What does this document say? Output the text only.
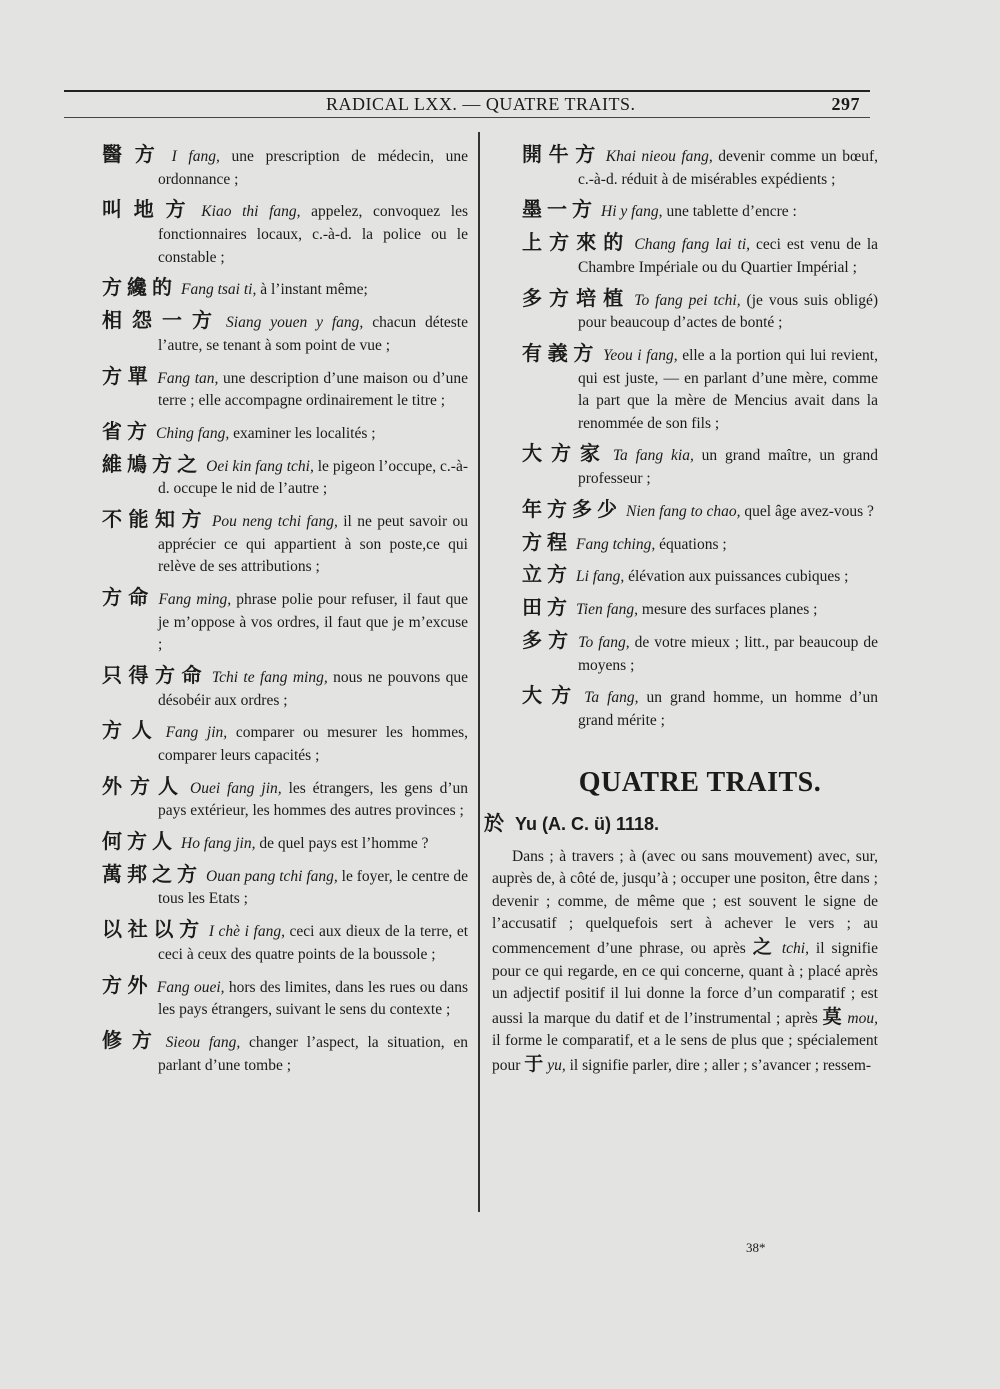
RADICAL LXX. — QUATRE TRAITS.	297

醫方 I fang, une prescription de médecin, une ordonnance ;

叫地方 Kiao thi fang, appelez, convoquez les fonctionnaires locaux, c.-à-d. la police ou le constable ;

方纔的 Fang tsai ti, à l’instant même;

相怨一方 Siang youen y fang, chacun déteste l’autre, se tenant à som point de vue ;

方單 Fang tan, une description d’une maison ou d’une terre ; elle accompagne ordinairement le titre ;

省方 Ching fang, examiner les localités ;

維鳩方之 Oei kin fang tchi, le pigeon l’occupe, c.-à-d. occupe le nid de l’autre ;

不能知方 Pou neng tchi fang, il ne peut savoir ou apprécier ce qui appartient à son poste,ce qui relève de ses attributions ;

方命 Fang ming, phrase polie pour refuser, il faut que je m’oppose à vos ordres, il faut que je m’excuse ;

只得方命 Tchi te fang ming, nous ne pouvons que désobéir aux ordres ;

方人 Fang jin, comparer ou mesurer les hommes, comparer leurs capacités ;

外方人 Ouei fang jin, les étrangers, les gens d’un pays extérieur, les hommes des autres provinces ;

何方人 Ho fang jin, de quel pays est l’homme ?

萬邦之方 Ouan pang tchi fang, le foyer, le centre de tous les Etats ;

以社以方 I chè i fang, ceci aux dieux de la terre, et ceci à ceux des quatre points de la boussole ;

方外 Fang ouei, hors des limites, dans les rues ou dans les pays étrangers, suivant le sens du contexte ;

修方 Sieou fang, changer l’aspect, la situation, en parlant d’une tombe ;

開牛方 Khai nieou fang, devenir comme un bœuf, c.-à-d. réduit à de misérables expédients ;

墨一方 Hi y fang, une tablette d’encre :

上方來的 Chang fang lai ti, ceci est venu de la Chambre Impériale ou du Quartier Impérial ;

多方培植 To fang pei tchi, (je vous suis obligé) pour beaucoup d’actes de bonté ;

有義方 Yeou i fang, elle a la portion qui lui revient, qui est juste, — en parlant d’une mère, comme la part que la mère de Mencius avait dans la renommée de son fils ;

大方家 Ta fang kia, un grand maître, un grand professeur ;

年方多少 Nien fang to chao, quel âge avez-vous ?

方程 Fang tching, équations ;

立方 Li fang, élévation aux puissances cubiques ;

田方 Tien fang, mesure des surfaces planes ;

多方 To fang, de votre mieux ; litt., par beaucoup de moyens ;

大方 Ta fang, un grand homme, un homme d’un grand mérite ;

QUATRE TRAITS.
於 Yu (A. C. ü) 1118.

Dans ; à travers ; à (avec ou sans mouvement) avec, sur, auprès de, à côté de, jusqu’à ; occuper une positon, être dans ; devenir ; comme, de même que ; est souvent le signe de l’accusatif ; quelquefois sert à achever le vers ; au commencement d’une phrase, ou après 之 tchi, il signifie pour ce qui regarde, en ce qui concerne, quant à ; placé après un adjectif positif il lui donne la force d’un comparatif ; est aussi la marque du datif et de l’instrumental ; après 莫 mou, il forme le comparatif, et a le sens de plus que ; spécialement pour 于 yu, il signifie parler, dire ; aller ; s’avancer ; ressem-

38*
